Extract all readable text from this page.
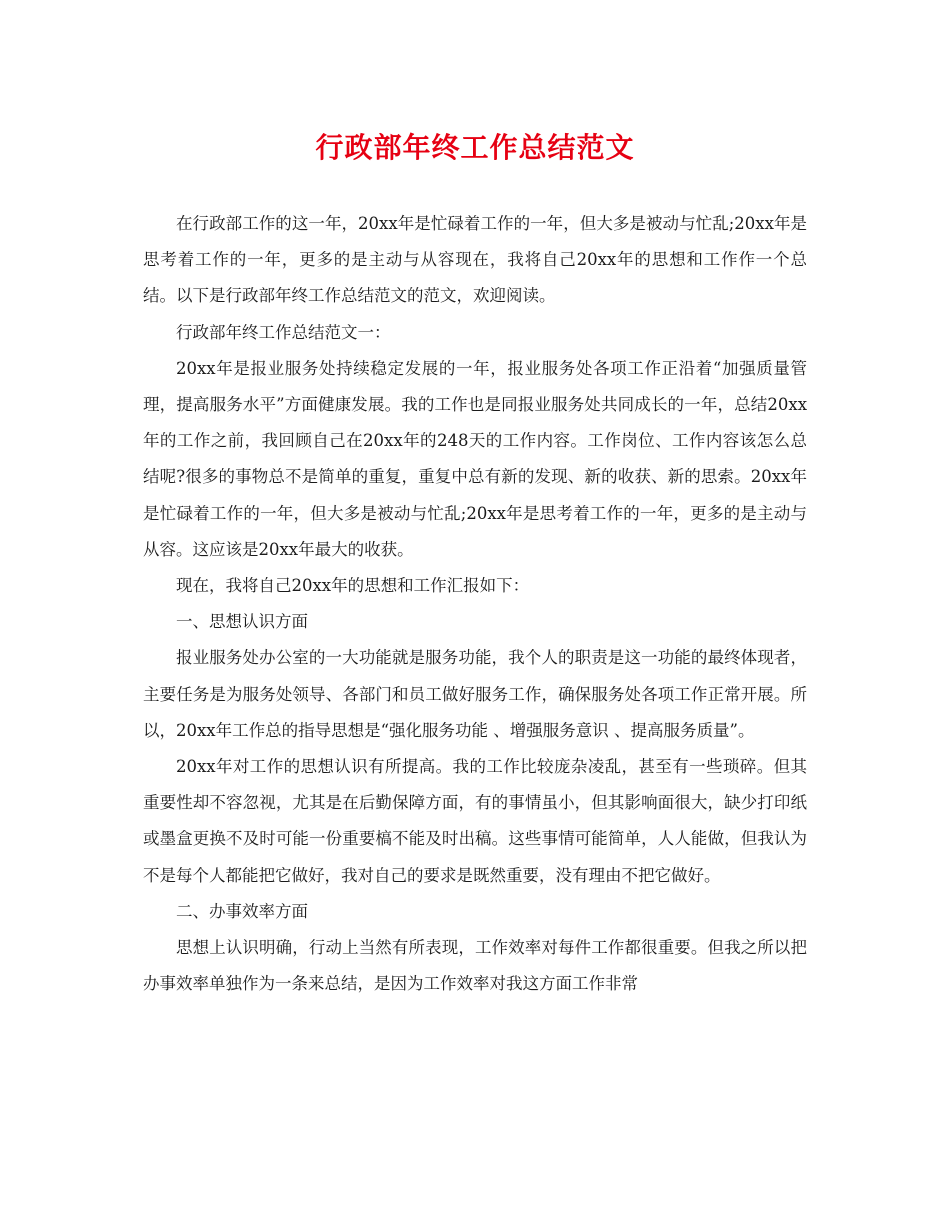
行政部年终工作总结范文

在行政部工作的这一年，20xx年是忙碌着工作的一年，但大多是被动与忙乱;20xx年是思考着工作的一年，更多的是主动与从容现在，我将自己20xx年的思想和工作作一个总结。以下是行政部年终工作总结范文的范文，欢迎阅读。

行政部年终工作总结范文一：

20xx年是报业服务处持续稳定发展的一年，报业服务处各项工作正沿着“加强质量管理，提高服务水平”方面健康发展。我的工作也是同报业服务处共同成长的一年，总结20xx年的工作之前，我回顾自己在20xx年的248天的工作内容。工作岗位、工作内容该怎么总结呢?很多的事物总不是简单的重复，重复中总有新的发现、新的收获、新的思索。20xx年是忙碌着工作的一年，但大多是被动与忙乱;20xx年是思考着工作的一年，更多的是主动与从容。这应该是20xx年最大的收获。

现在，我将自己20xx年的思想和工作汇报如下：

一、思想认识方面

报业服务处办公室的一大功能就是服务功能，我个人的职责是这一功能的最终体现者，主要任务是为服务处领导、各部门和员工做好服务工作，确保服务处各项工作正常开展。所以，20xx年工作总的指导思想是“强化服务功能 、增强服务意识 、提高服务质量”。

20xx年对工作的思想认识有所提高。我的工作比较庞杂凌乱，甚至有一些琐碎。但其重要性却不容忽视，尤其是在后勤保障方面，有的事情虽小，但其影响面很大，缺少打印纸或墨盒更换不及时可能一份重要槁不能及时出稿。这些事情可能简单，人人能做，但我认为不是每个人都能把它做好，我对自己的要求是既然重要，没有理由不把它做好。

二、办事效率方面

思想上认识明确，行动上当然有所表现，工作效率对每件工作都很重要。但我之所以把办事效率单独作为一条来总结，是因为工作效率对我这方面工作非常
